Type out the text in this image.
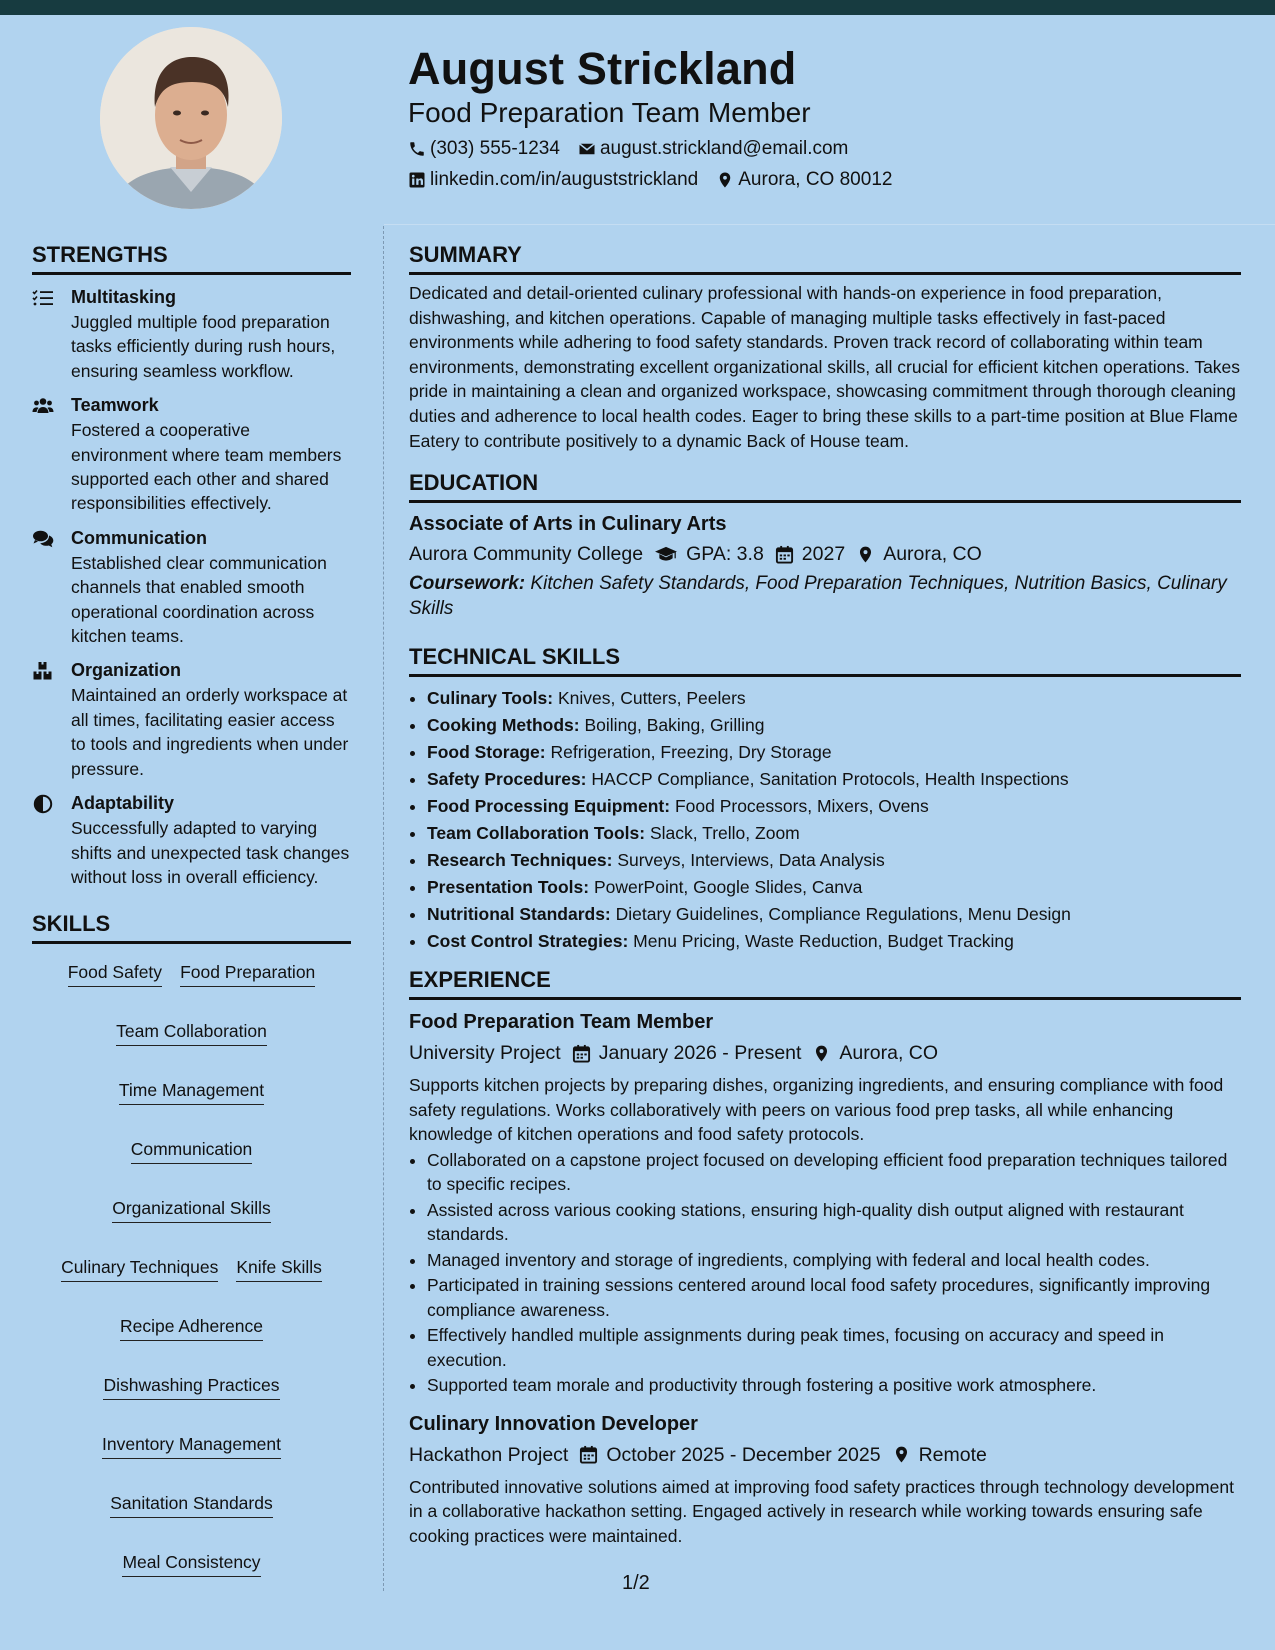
August Strickland
Food Preparation Team Member
(303) 555-1234 august.strickland@email.com
linkedin.com/in/auguststrickland Aurora, CO 80012
STRENGTHS
Multitasking
Juggled multiple food preparation tasks efficiently during rush hours, ensuring seamless workflow.
Teamwork
Fostered a cooperative environment where team members supported each other and shared responsibilities effectively.
Communication
Established clear communication channels that enabled smooth operational coordination across kitchen teams.
Organization
Maintained an orderly workspace at all times, facilitating easier access to tools and ingredients when under pressure.
Adaptability
Successfully adapted to varying shifts and unexpected task changes without loss in overall efficiency.
SKILLS
Food Safety Food Preparation
Team Collaboration
Time Management
Communication
Organizational Skills
Culinary Techniques Knife Skills
Recipe Adherence
Dishwashing Practices
Inventory Management
Sanitation Standards
Meal Consistency
SUMMARY
Dedicated and detail-oriented culinary professional with hands-on experience in food preparation, dishwashing, and kitchen operations. Capable of managing multiple tasks effectively in fast-paced environments while adhering to food safety standards. Proven track record of collaborating within team environments, demonstrating excellent organizational skills, all crucial for efficient kitchen operations. Takes pride in maintaining a clean and organized workspace, showcasing commitment through thorough cleaning duties and adherence to local health codes. Eager to bring these skills to a part-time position at Blue Flame Eatery to contribute positively to a dynamic Back of House team.
EDUCATION
Associate of Arts in Culinary Arts
Aurora Community College GPA: 3.8 2027 Aurora, CO
Coursework: Kitchen Safety Standards, Food Preparation Techniques, Nutrition Basics, Culinary Skills
TECHNICAL SKILLS
• Culinary Tools: Knives, Cutters, Peelers
• Cooking Methods: Boiling, Baking, Grilling
• Food Storage: Refrigeration, Freezing, Dry Storage
• Safety Procedures: HACCP Compliance, Sanitation Protocols, Health Inspections
• Food Processing Equipment: Food Processors, Mixers, Ovens
• Team Collaboration Tools: Slack, Trello, Zoom
• Research Techniques: Surveys, Interviews, Data Analysis
• Presentation Tools: PowerPoint, Google Slides, Canva
• Nutritional Standards: Dietary Guidelines, Compliance Regulations, Menu Design
• Cost Control Strategies: Menu Pricing, Waste Reduction, Budget Tracking
EXPERIENCE
Food Preparation Team Member
University Project January 2026 - Present Aurora, CO
Supports kitchen projects by preparing dishes, organizing ingredients, and ensuring compliance with food safety regulations. Works collaboratively with peers on various food prep tasks, all while enhancing knowledge of kitchen operations and food safety protocols.
• Collaborated on a capstone project focused on developing efficient food preparation techniques tailored to specific recipes.
• Assisted across various cooking stations, ensuring high-quality dish output aligned with restaurant standards.
• Managed inventory and storage of ingredients, complying with federal and local health codes.
• Participated in training sessions centered around local food safety procedures, significantly improving compliance awareness.
• Effectively handled multiple assignments during peak times, focusing on accuracy and speed in execution.
• Supported team morale and productivity through fostering a positive work atmosphere.
Culinary Innovation Developer
Hackathon Project October 2025 - December 2025 Remote
Contributed innovative solutions aimed at improving food safety practices through technology development in a collaborative hackathon setting. Engaged actively in research while working towards ensuring safe cooking practices were maintained.
1/2
